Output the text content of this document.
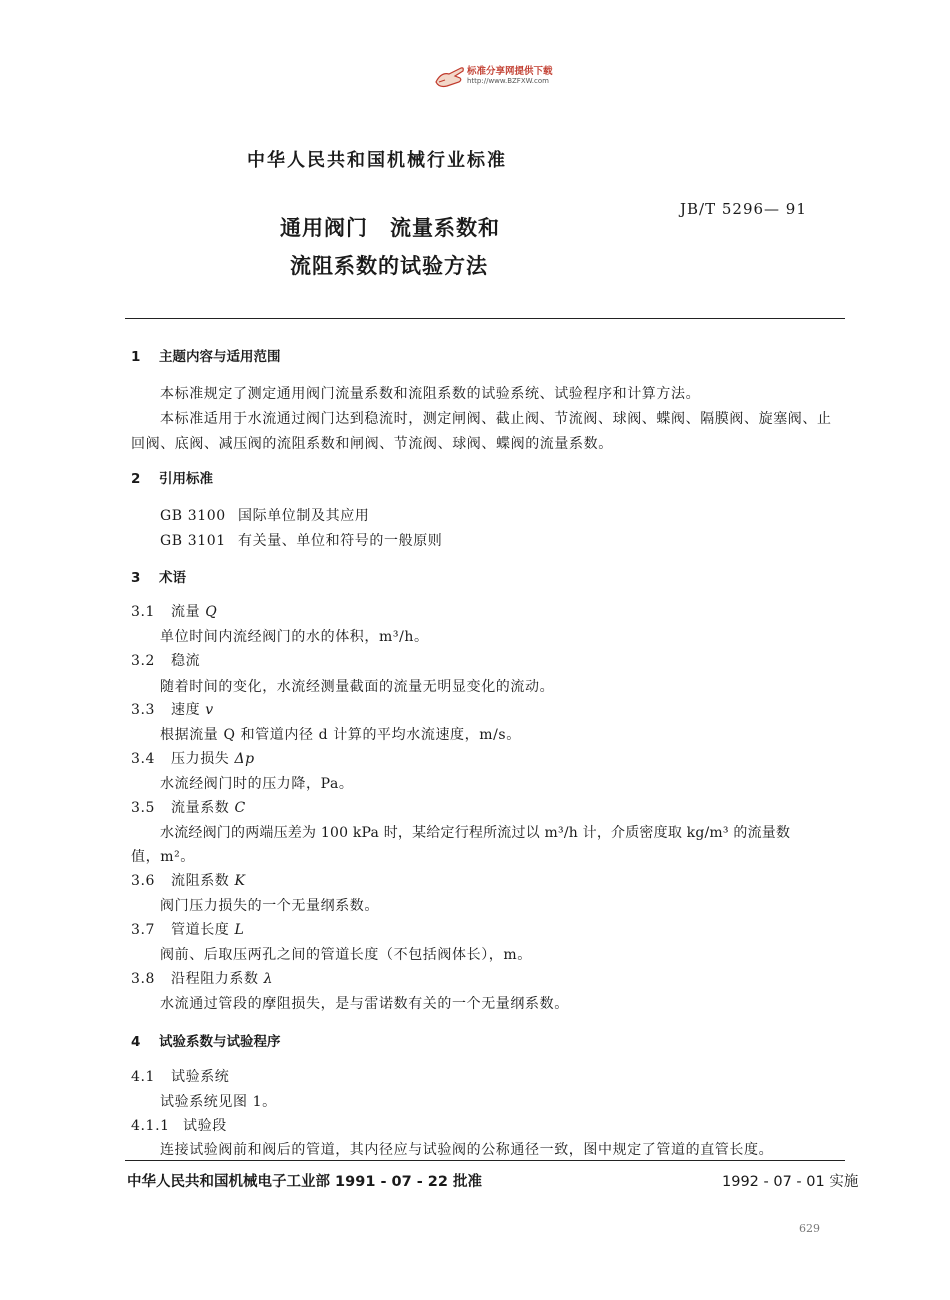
标准分享网提供下载
http://www.BZFXW.com
中华人民共和国机械行业标准
JB/T 5296— 91
通用阀门　流量系数和
流阻系数的试验方法
1 主题内容与适用范围
本标准规定了测定通用阀门流量系数和流阻系数的试验系统、试验程序和计算方法。
本标准适用于水流通过阀门达到稳流时，测定闸阀、截止阀、节流阀、球阀、蝶阀、隔膜阀、旋塞阀、止
回阀、底阀、减压阀的流阻系数和闸阀、节流阀、球阀、蝶阀的流量系数。
2 引用标准
GB 3100 国际单位制及其应用
GB 3101 有关量、单位和符号的一般原则
3 术语
3.1 流量 Q
单位时间内流经阀门的水的体积，m³/h。
3.2 稳流
随着时间的变化，水流经测量截面的流量无明显变化的流动。
3.3 速度 v
根据流量 Q 和管道内径 d 计算的平均水流速度，m/s。
3.4 压力损失 Δp
水流经阀门时的压力降，Pa。
3.5 流量系数 C
水流经阀门的两端压差为 100 kPa 时，某给定行程所流过以 m³/h 计，介质密度取 kg/m³ 的流量数
值，m²。
3.6 流阻系数 K
阀门压力损失的一个无量纲系数。
3.7 管道长度 L
阀前、后取压两孔之间的管道长度（不包括阀体长），m。
3.8 沿程阻力系数 λ
水流通过管段的摩阻损失，是与雷诺数有关的一个无量纲系数。
4 试验系数与试验程序
4.1 试验系统
试验系统见图 1。
4.1.1 试验段
连接试验阀前和阀后的管道，其内径应与试验阀的公称通径一致，图中规定了管道的直管长度。
中华人民共和国机械电子工业部 1991 - 07 - 22 批准	1992 - 07 - 01 实施
629
